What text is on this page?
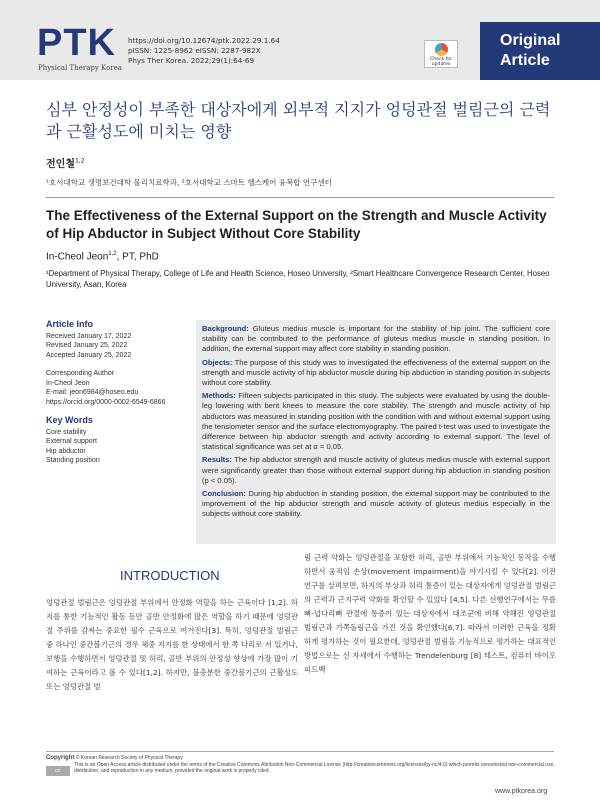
PTK
Physical Therapy Korea
https://doi.org/10.12674/ptk.2022.29.1.64
pISSN: 1225-8962 eISSN: 2287-982X
Phys Ther Korea. 2022;29(1):64-69	Check for updates
Original
Article
심부 안정성이 부족한 대상자에게 외부적 지지가 엉덩관절 벌림근의 근력과 근활성도에 미치는 영향
전인철$^{1,2}$
¹호서대학교 생명보건대학 물리치료학과, ²호서대학교 스마트 헬스케어 융복합 연구센터
The Effectiveness of the External Support on the Strength and Muscle Activity of Hip Abductor in Subject Without Core Stability
In-Cheol Jeon$^{1,2}$, PT, PhD
¹Department of Physical Therapy, College of Life and Health Science, Hoseo University, ²Smart Healthcare Convergence Research Center, Hoseo University, Asan, Korea
Article Info
Received January 17, 2022
Revised January 25, 2022
Accepted January 25, 2022
Corresponding Author
In-Cheol Jeon
E-mail: jeon6984@hoseo.edu
https://orcid.org/0000-0002-6549-6866
Key Words
Core stability
External support
Hip abductor
Standing position

Background: Gluteus medius muscle is important for the stability of hip joint. The sufficient core stability can be contributed to the performance of gluteus medius muscle in standing position. In addition, the external support may affect core stability in standing position.

Objects: The purpose of this study was to investigated the effectiveness of the external support on the strength and muscle activity of hip abductor muscle during hip abduction in standing position in subjects without core stability.

Methods: Fifteen subjects participated in this study. The subjects were evaluated by using the double-leg lowering with bent knees to measure the core stability. The strength and muscle activity of hip abductors was measured in standing position with the condition with and without external support using the tensiometer sensor and the surface electromyography. The paired t-test was used to investigate the difference between hip abductor strength and activity according to external support. The level of statistical significance was set at α = 0.05.

Results: The hip abductor strength and muscle activity of gluteus medius muscle with external support were significantly greater than those without external support during hip abduction in standing position (p < 0.05).

Conclusion: During hip abduction in standing position, the external support may be contributed to the improvement of the hip abductor strength and muscle activity of gluteus medius especially in the subjects without core stability.

INTRODUCTION
엉덩관절 벌림근은 엉덩관절 부위에서 안정화 역할을 하는 근육이다 [1,2]. 하지를 통한 기능적인 활동 동안 골반 안정화에 많은 역할을 하기 때문에 엉덩관절 주위를 감싸는 중요한 필수 근육으로 여겨진다[3]. 특히, 엉덩관절 벌림근 중 하나인 중간볼기근의 경우 체중 지지를 한 상태에서 한 쪽 다리로 서 있거나, 보행을 수행하면서 엉덩관절 및 허리, 골반 부위의 안정성 향상에 가장 많이 기여하는 근육이라고 볼 수 있다[1,2]. 하지만, 불충분한 중간볼기근의 근활성도 또는 엉덩관절 벌
림 근력 약화는 엉덩관절을 포함한 허리, 골반 부위에서 기능적인 동작을 수행하면서 움직임 손상(movement impairment)을 야기시킬 수 있다[2]. 이전 연구를 살펴보면, 하지의 부상과 허리 통증이 있는 대상자에게 엉덩관절 벌림근의 근력과 근지구력 약화를 확인할 수 있었다 [4,5]. 다른 선행연구에서는 무릎뼈-넙다리뼈 관절에 통증이 있는 대상자에서 대조군에 비해 약해진 엉덩관절 벌림근과 가쪽돌림근을 가진 것을 확인했다[6,7]. 따라서 이러한 근육을 정확하게 평가하는 것이 필요한데, 엉덩관절 벌림을 기능적으로 평가하는 대표적인 방법으로는 선 자세에서 수행하는 Trendelenburg [8] 테스트, 컴퓨터 바이오 피드백
Copyright © Korean Research Society of Physical Therapy
This is an Open Access article distributed under the terms of the Creative Commons Attribution Non-Commercial License (http://creativecommons.org/licenses/by-nc/4.0) which permits unrestricted non-commercial use, distribution, and reproduction in any medium, provided the original work is properly cited.
cc
www.ptkorea.org
